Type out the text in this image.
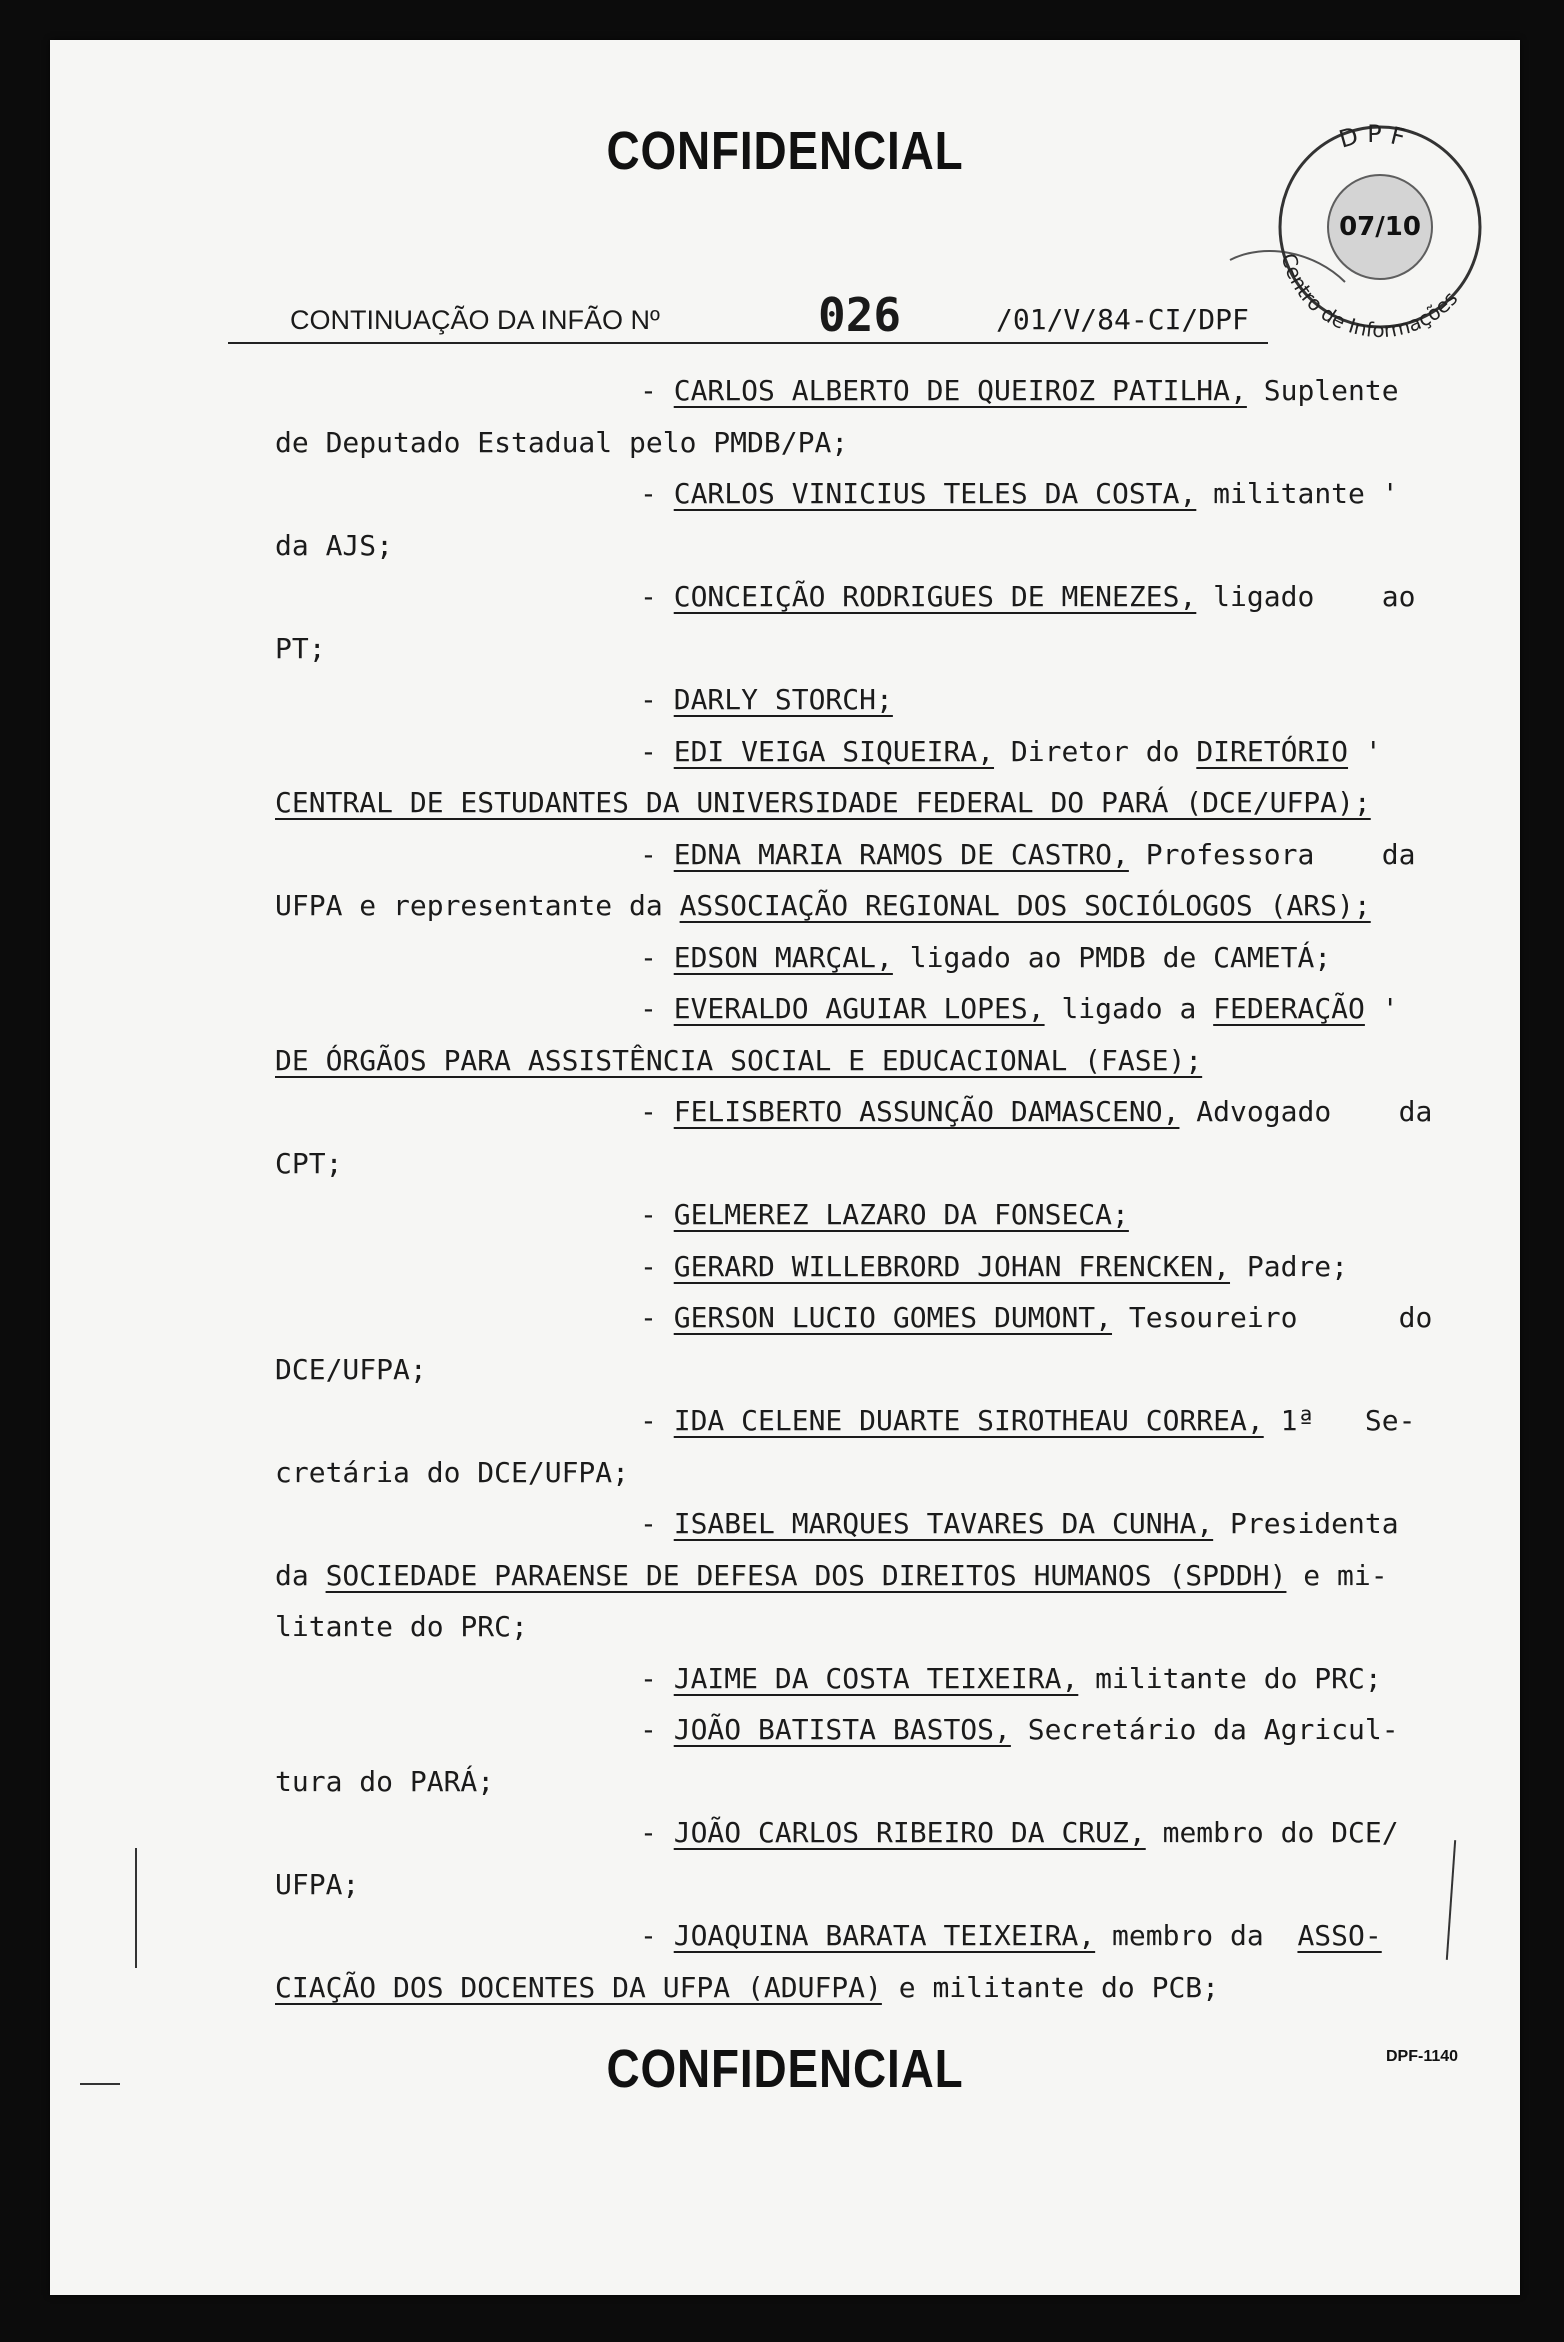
CONFIDENCIAL	D P F
Centro de Informações
07/10
CONTINUAÇÃO DA INFÃO Nº	026	/01/V/84-CI/DPF
- CARLOS ALBERTO DE QUEIROZ PATILHA, Suplente
de Deputado Estadual pelo PMDB/PA;
- CARLOS VINICIUS TELES DA COSTA, militante '
da AJS;
- CONCEIÇÃO RODRIGUES DE MENEZES, ligado    ao
PT;
- DARLY STORCH;
- EDI VEIGA SIQUEIRA, Diretor do DIRETÓRIO '
CENTRAL DE ESTUDANTES DA UNIVERSIDADE FEDERAL DO PARÁ (DCE/UFPA);
- EDNA MARIA RAMOS DE CASTRO, Professora    da
UFPA e representante da ASSOCIAÇÃO REGIONAL DOS SOCIÓLOGOS (ARS);
- EDSON MARÇAL, ligado ao PMDB de CAMETÁ;
- EVERALDO AGUIAR LOPES, ligado a FEDERAÇÃO '
DE ÓRGÃOS PARA ASSISTÊNCIA SOCIAL E EDUCACIONAL (FASE);
- FELISBERTO ASSUNÇÃO DAMASCENO, Advogado    da
CPT;
- GELMEREZ LAZARO DA FONSECA;
- GERARD WILLEBRORD JOHAN FRENCKEN, Padre;
- GERSON LUCIO GOMES DUMONT, Tesoureiro      do
DCE/UFPA;
- IDA CELENE DUARTE SIROTHEAU CORREA, 1ª   Se-
cretária do DCE/UFPA;
- ISABEL MARQUES TAVARES DA CUNHA, Presidenta
da SOCIEDADE PARAENSE DE DEFESA DOS DIREITOS HUMANOS (SPDDH) e mi-
litante do PRC;
- JAIME DA COSTA TEIXEIRA, militante do PRC;
- JOÃO BATISTA BASTOS, Secretário da Agricul-
tura do PARÁ;
- JOÃO CARLOS RIBEIRO DA CRUZ, membro do DCE/
UFPA;
- JOAQUINA BARATA TEIXEIRA, membro da  ASSO-
CIAÇÃO DOS DOCENTES DA UFPA (ADUFPA) e militante do PCB;
CONFIDENCIAL	DPF-1140
